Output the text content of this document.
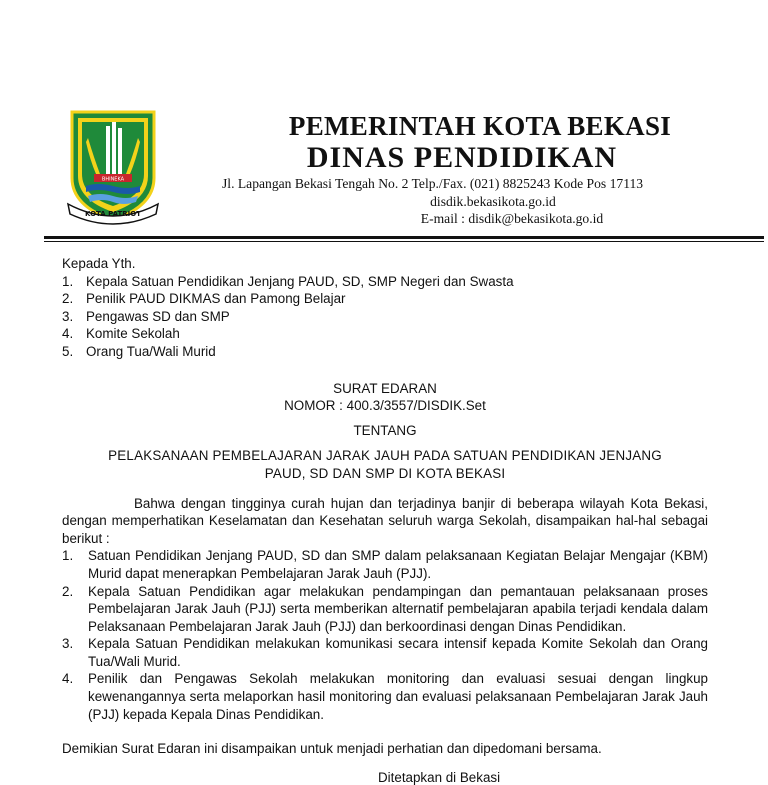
BHINEKA
KOTA PATRIOT
PEMERINTAH KOTA BEKASI
DINAS PENDIDIKAN
Jl. Lapangan Bekasi Tengah No. 2 Telp./Fax. (021) 8825243 Kode Pos 17113
disdik.bekasikota.go.id
E-mail : disdik@bekasikota.go.id

Kepada Yth.

1. Kepala Satuan Pendidikan Jenjang PAUD, SD, SMP Negeri dan Swasta
2. Penilik PAUD DIKMAS dan Pamong Belajar
3. Pengawas SD dan SMP
4. Komite Sekolah
5. Orang Tua/Wali Murid
SURAT EDARAN
NOMOR : 400.3/3557/DISDIK.Set
TENTANG
PELAKSANAAN PEMBELAJARAN JARAK JAUH PADA SATUAN PENDIDIKAN JENJANG
PAUD, SD DAN SMP DI KOTA BEKASI
Bahwa dengan tingginya curah hujan dan terjadinya banjir di beberapa wilayah Kota Bekasi, dengan memperhatikan Keselamatan dan Kesehatan seluruh warga Sekolah, disampaikan hal-hal sebagai berikut :
1. Satuan Pendidikan Jenjang PAUD, SD dan SMP dalam pelaksanaan Kegiatan Belajar Mengajar (KBM) Murid dapat menerapkan Pembelajaran Jarak Jauh (PJJ).
2. Kepala Satuan Pendidikan agar melakukan pendampingan dan pemantauan pelaksanaan proses Pembelajaran Jarak Jauh (PJJ) serta memberikan alternatif pembelajaran apabila terjadi kendala dalam Pelaksanaan Pembelajaran Jarak Jauh (PJJ) dan berkoordinasi dengan Dinas Pendidikan.
3. Kepala Satuan Pendidikan melakukan komunikasi secara intensif kepada Komite Sekolah dan Orang Tua/Wali Murid.
4. Penilik dan Pengawas Sekolah melakukan monitoring dan evaluasi sesuai dengan lingkup kewenangannya serta melaporkan hasil monitoring dan evaluasi pelaksanaan Pembelajaran Jarak Jauh (PJJ) kepada Kepala Dinas Pendidikan.
Demikian Surat Edaran ini disampaikan untuk menjadi perhatian dan dipedomani bersama.
Ditetapkan di Bekasi
